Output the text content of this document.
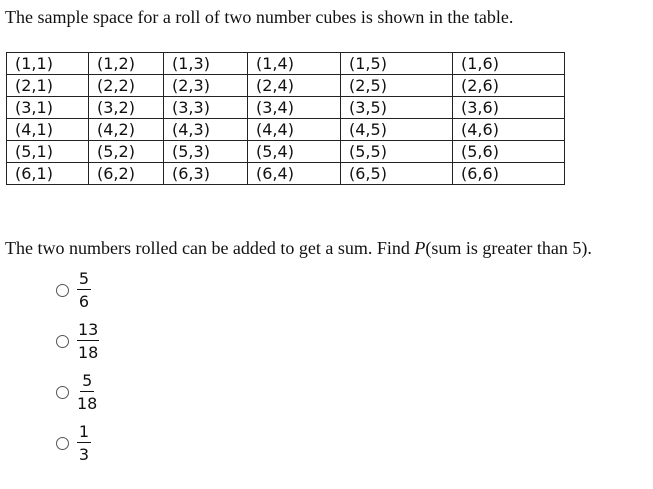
The sample space for a roll of two number cubes is shown in the table.
(1,1)	(1,2)	(1,3)	(1,4)	(1,5)	(1,6)
(2,1)	(2,2)	(2,3)	(2,4)	(2,5)	(2,6)
(3,1)	(3,2)	(3,3)	(3,4)	(3,5)	(3,6)
(4,1)	(4,2)	(4,3)	(4,4)	(4,5)	(4,6)
(5,1)	(5,2)	(5,3)	(5,4)	(5,5)	(5,6)
(6,1)	(6,2)	(6,3)	(6,4)	(6,5)	(6,6)
The two numbers rolled can be added to get a sum. Find P(sum is greater than 5).
$\frac{5}{6}$
$\frac{13}{18}$
$\frac{5}{18}$
$\frac{1}{3}$
